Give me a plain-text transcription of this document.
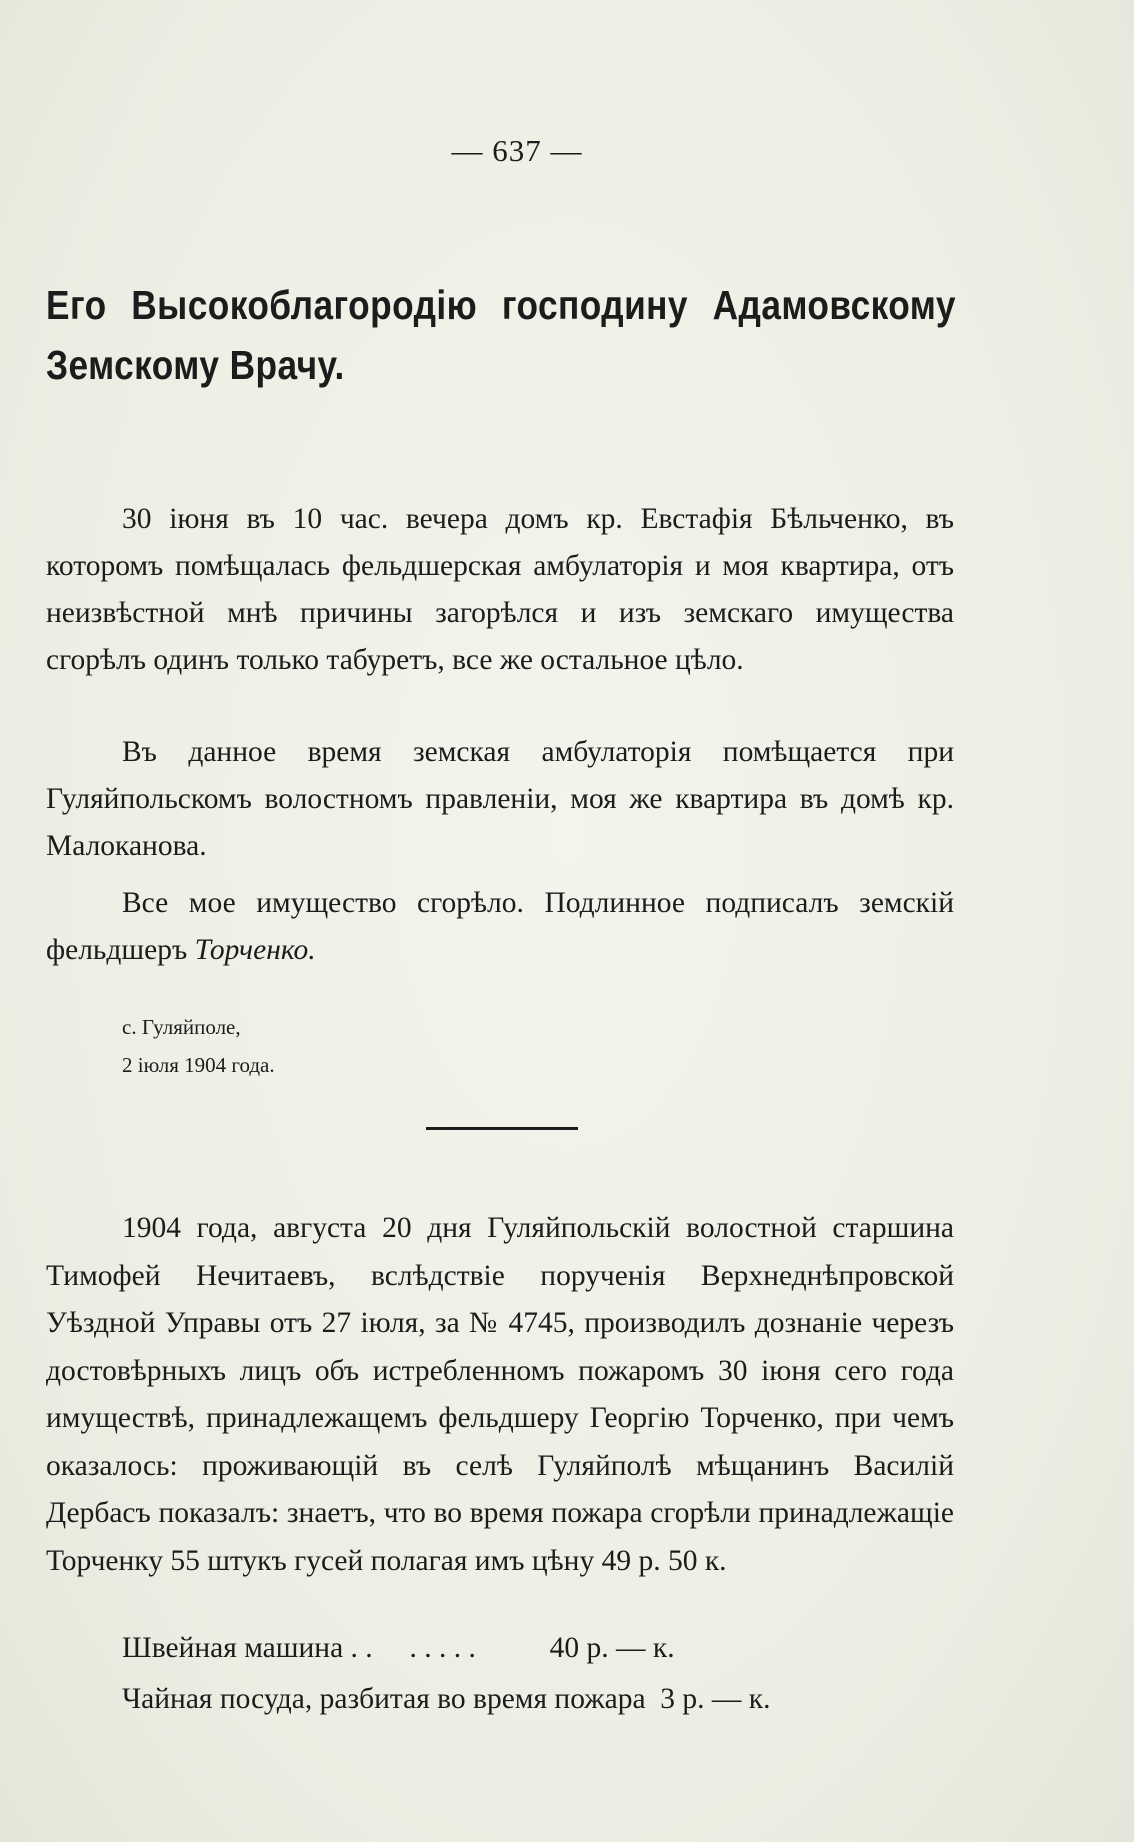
— 637 —
Его Высокоблагородію господину Адамовскому Земскому Врачу.

30 іюня въ 10 час. вечера домъ кр. Евстафія Бѣльченко, въ которомъ помѣщалась фельдшерская амбулаторія и моя квартира, отъ неизвѣстной мнѣ причины загорѣлся и изъ земскаго имущества сгорѣлъ одинъ только табуретъ, все же остальное цѣло.

Въ данное время земская амбулаторія помѣщается при Гуляйпольскомъ волостномъ правленіи, моя же квартира въ домѣ кр. Малоканова.

Все мое имущество сгорѣло. Подлинное подписалъ земскій фельдшеръ Торченко.

с. Гуляйполе,
2 іюля 1904 года.

1904 года, августа 20 дня Гуляйпольскій волостной старшина Тимофей Нечитаевъ, вслѣдствіе порученія Верхнеднѣпровской Уѣздной Управы отъ 27 іюля, за № 4745, производилъ дознаніе черезъ достовѣрныхъ лицъ объ истребленномъ пожаромъ 30 іюня сего года имуществѣ, принадлежащемъ фельдшеру Георгію Торченко, при чемъ оказалось: проживающій въ селѣ Гуляйполѣ мѣщанинъ Василій Дербасъ показалъ: знаетъ, что во время пожара сгорѣли принадлежащіе Торченку 55 штукъ гусей полагая имъ цѣну 49 р. 50 к.

Швейная машина . .     . . . . .	40 р. — к.
Чайная посуда, разбитая во время пожара 3 р. — к.
